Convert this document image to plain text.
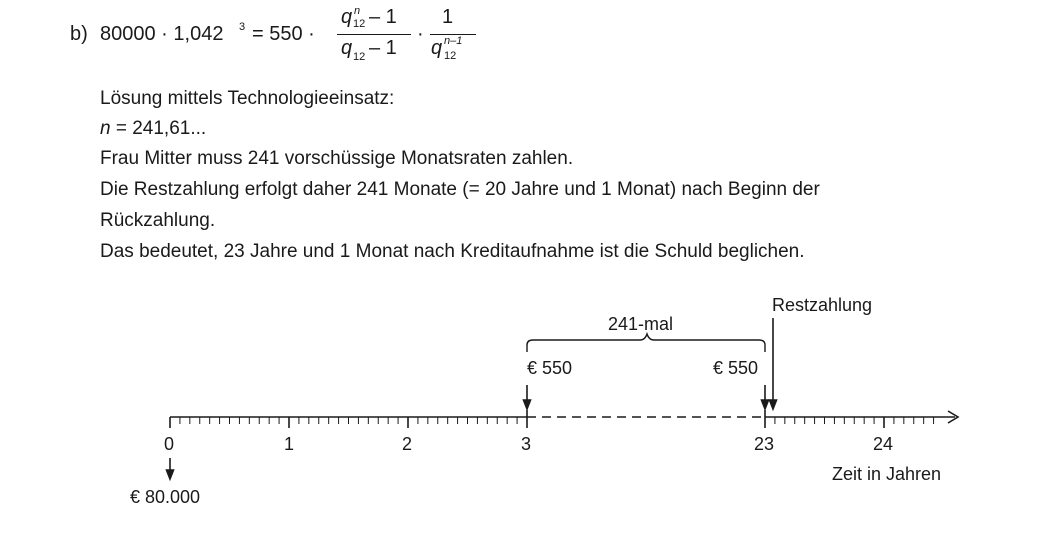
b) 80000 · 1,042 3 = 550 ·
q n
12 – 1
q 12 – 1
·
1
q n–1
12
Lösung mittels Technologieeinsatz:
n = 241,61...
Frau Mitter muss 241 vorschüssige Monatsraten zahlen.
Die Restzahlung erfolgt daher 241 Monate (= 20 Jahre und 1 Monat) nach Beginn der
Rückzahlung.
Das bedeutet, 23 Jahre und 1 Monat nach Kreditaufnahme ist die Schuld beglichen.
0	1	2	3	23	24
Zeit in Jahren
241-mal
€ 550	€ 550
Restzahlung
€ 80.000
